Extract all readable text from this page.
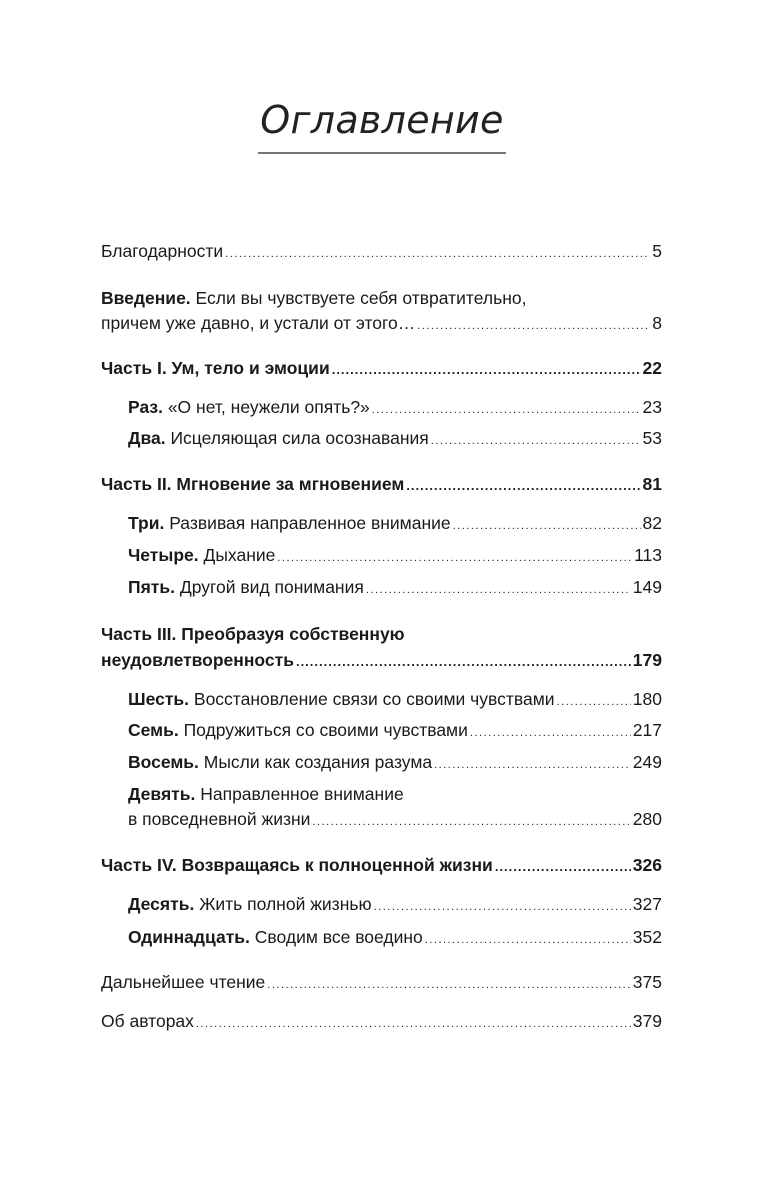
Оглавление
Благодарности .....	5
Введение. Если вы чувствуете себя отвратительно,
причем уже давно, и устали от этого… .....	8
Часть I. Ум, тело и эмоции .....	22
Раз. «О нет, неужели опять?» .....	23
Два. Исцеляющая сила осознавания .....	53
Часть II. Мгновение за мгновением .....	81
Три. Развивая направленное внимание .....	82
Четыре. Дыхание .....	113
Пять. Другой вид понимания .....	149
Часть III. Преобразуя собственную
неудовлетворенность .....	179
Шесть. Восстановление связи со своими чувствами .....	180
Семь. Подружиться со своими чувствами .....	217
Восемь. Мысли как создания разума .....	249
Девять. Направленное внимание
в повседневной жизни .....	280
Часть IV. Возвращаясь к полноценной жизни .....	326
Десять. Жить полной жизнью .....	327
Одиннадцать. Сводим все воедино .....	352
Дальнейшее чтение .....	375
Об авторах .....	379
